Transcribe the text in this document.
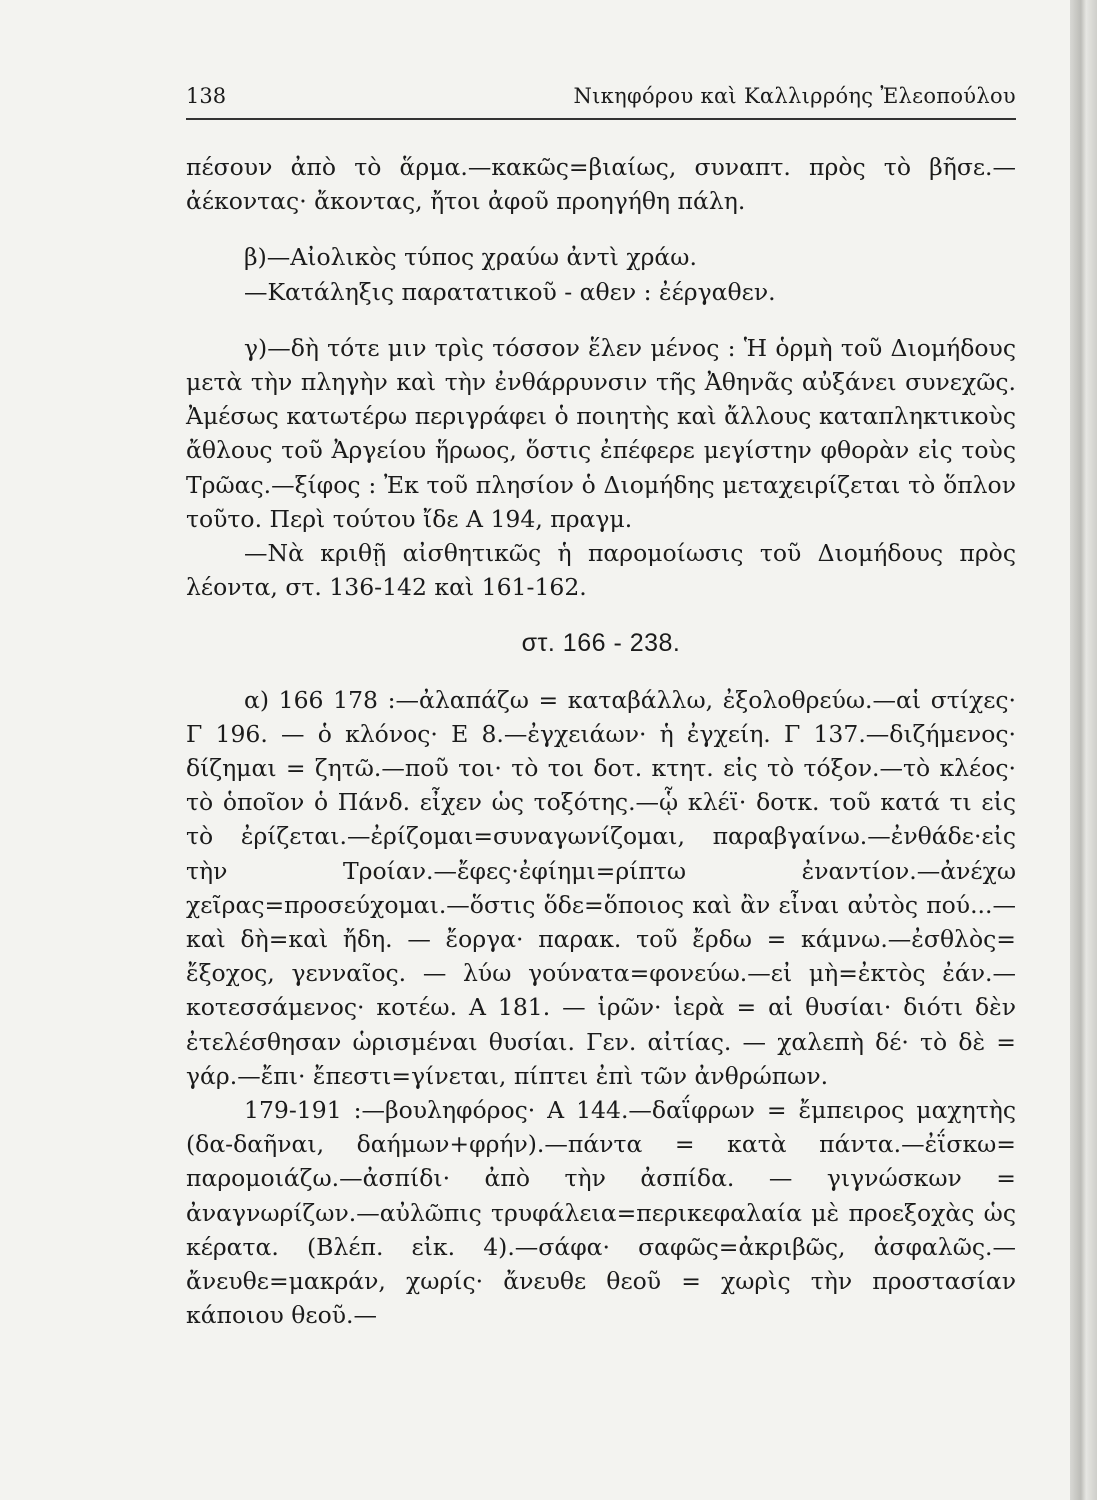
138	Νικηφόρου καὶ Καλλιρρόης Ἐλεοπούλου

πέσουν ἀπὸ τὸ ἅρμα.—κακῶς=βιαίως, συναπτ. πρὸς τὸ βῆσε.—ἀέκοντας· ἄκοντας, ἤτοι ἀφοῦ προηγήθη πάλη.

β)—Αἰολικὸς τύπος χραύω ἀντὶ χράω.

—Κατάληξις παρατατικοῦ - αθεν : ἐέργαθεν.

γ)—δὴ τότε μιν τρὶς τόσσον ἕλεν μένος : Ἡ ὁρμὴ τοῦ Διομήδους μετὰ τὴν πληγὴν καὶ τὴν ἐνθάρρυνσιν τῆς Ἀθηνᾶς αὐξάνει συνεχῶς. Ἀμέσως κατωτέρω περιγράφει ὁ ποιητὴς καὶ ἄλλους καταπληκτικοὺς ἄθλους τοῦ Ἀργείου ἥρωος, ὅστις ἐπέφερε μεγίστην φθορὰν εἰς τοὺς Τρῶας.—ξίφος : Ἐκ τοῦ πλησίον ὁ Διομήδης μεταχειρίζεται τὸ ὅπλον τοῦτο. Περὶ τούτου ἴδε Α 194, πραγμ.

—Νὰ κριθῇ αἰσθητικῶς ἡ παρομοίωσις τοῦ Διομήδους πρὸς λέοντα, στ. 136-142 καὶ 161-162.

στ. 166 - 238.

α) 166 178 :—ἀλαπάζω = καταβάλλω, ἐξολοθρεύω.—αἱ στίχες· Γ 196. — ὁ κλόνος· Ε 8.—ἐγχειάων· ἡ ἐγχείη. Γ 137.—διζήμενος· δίζημαι = ζητῶ.—ποῦ τοι· τὸ τοι δοτ. κτητ. εἰς τὸ τόξον.—τὸ κλέος· τὸ ὁποῖον ὁ Πάνδ. εἶχεν ὡς τοξότης.—ᾧ κλέϊ· δοτκ. τοῦ κατά τι εἰς τὸ ἐρίζεται.—ἐρίζομαι=συναγωνίζομαι, παραβγαίνω.—ἐνθάδε·εἰς τὴν Τροίαν.—ἔφες·ἐφίημι=ρίπτω ἐναντίον.—ἀνέχω χεῖρας=προσεύχομαι.—ὅστις ὅδε=ὅποιος καὶ ἂν εἶναι αὐτὸς πού...—καὶ δὴ=καὶ ἤδη. — ἔοργα· παρακ. τοῦ ἔρδω = κάμνω.—ἐσθλὸς= ἔξοχος, γενναῖος. — λύω γούνατα=φονεύω.—εἰ μὴ=ἐκτὸς ἐάν.—κοτεσσάμενος· κοτέω. Α 181. — ἱρῶν· ἱερὰ = αἱ θυσίαι· διότι δὲν ἐτελέσθησαν ὡρισμέναι θυσίαι. Γεν. αἰτίας. — χαλεπὴ δέ· τὸ δὲ = γάρ.—ἔπι· ἔπεστι=γίνεται, πίπτει ἐπὶ τῶν ἀνθρώπων.

179-191 :—βουληφόρος· Α 144.—δαΐφρων = ἔμπειρος μαχητὴς (δα-δαῆναι, δαήμων+φρήν).—πάντα = κατὰ πάντα.—ἐΐσκω= παρομοιάζω.—ἀσπίδι· ἀπὸ τὴν ἀσπίδα. — γιγνώσκων = ἀναγνωρίζων.—αὐλῶπις τρυφάλεια=περικεφαλαία μὲ προεξοχὰς ὡς κέρατα. (Βλέπ. εἰκ. 4).—σάφα· σαφῶς=ἀκριβῶς, ἀσφαλῶς.—ἄνευθε=μακράν, χωρίς· ἄνευθε θεοῦ = χωρὶς τὴν προστασίαν κάποιου θεοῦ.—
